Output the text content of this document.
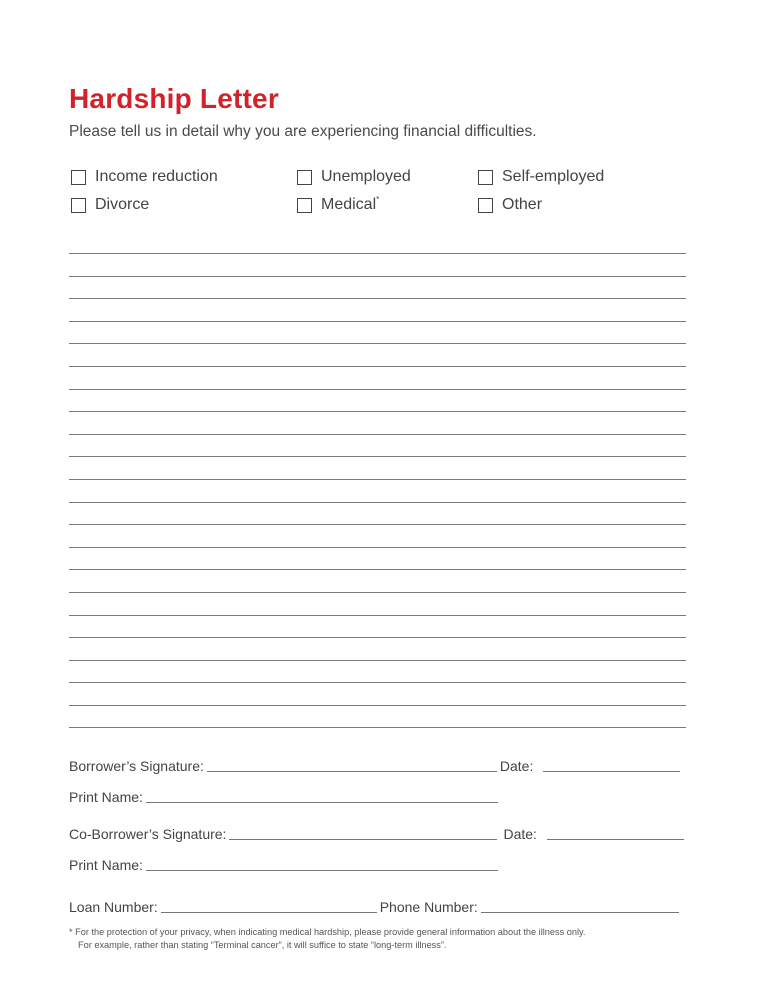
Hardship Letter
Please tell us in detail why you are experiencing financial difficulties.
Income reduction	Unemployed	Self-employed
Divorce	Medical*	Other
Borrower’s Signature:	Date:
Print Name:
Co-Borrower’s Signature:	Date:
Print Name:
Loan Number:	Phone Number:
* For the protection of your privacy, when indicating medical hardship, please provide general information about the illness only.
For example, rather than stating “Terminal cancer”, it will suffice to state “long-term illness”.
